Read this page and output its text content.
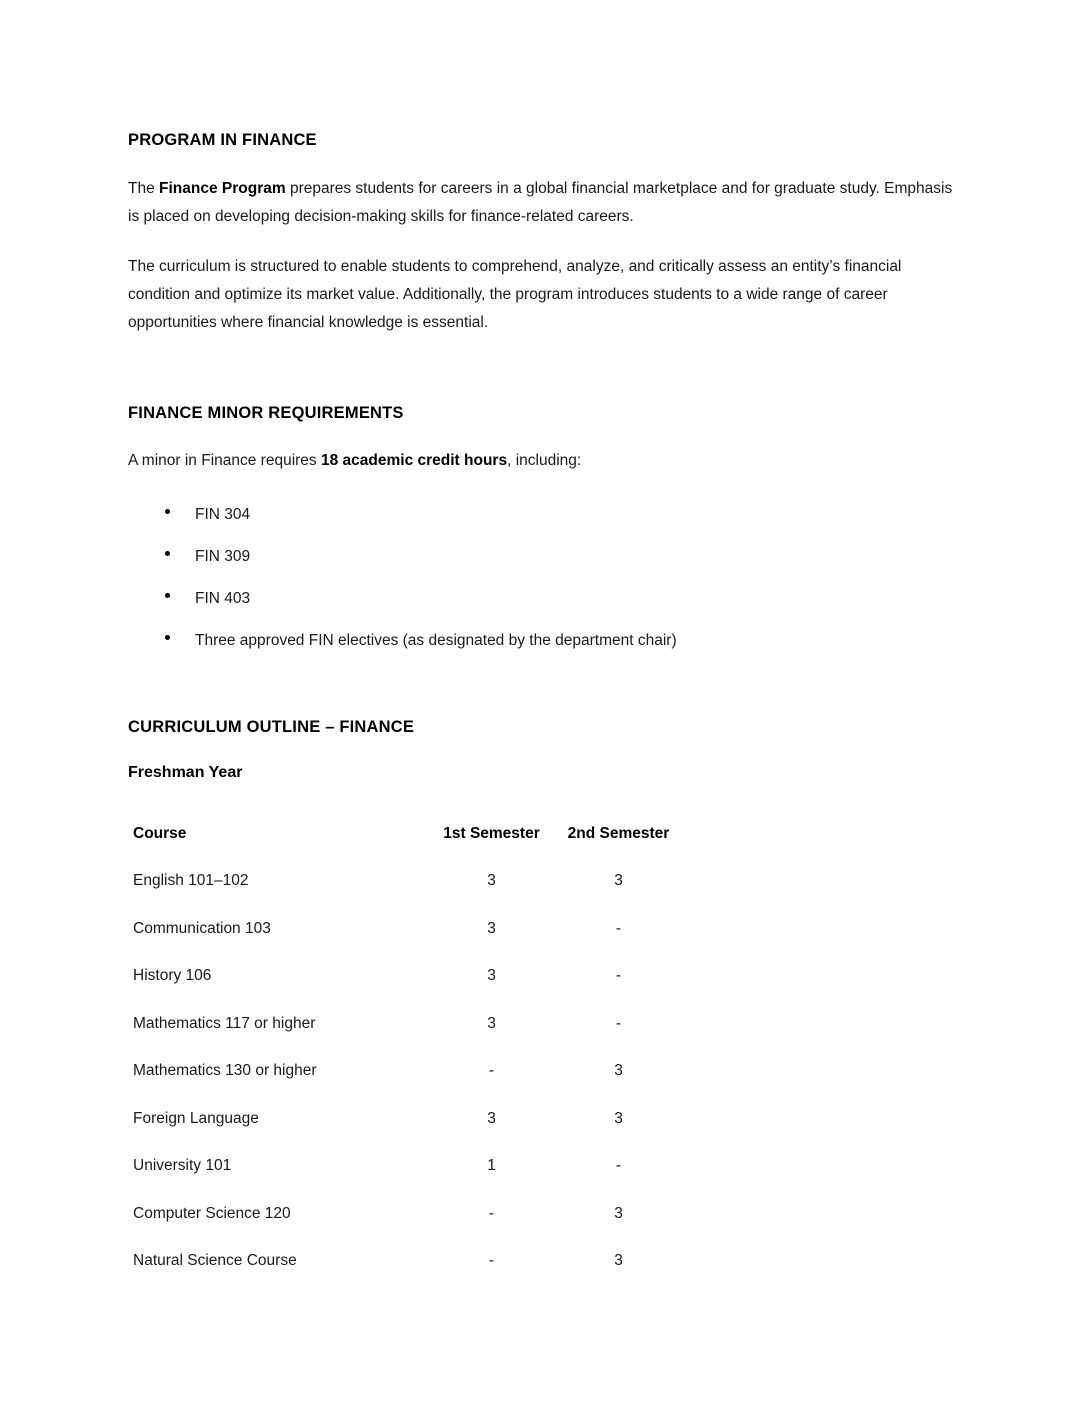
PROGRAM IN FINANCE

The Finance Program prepares students for careers in a global financial marketplace and for graduate study. Emphasis is placed on developing decision-making skills for finance-related careers.

The curriculum is structured to enable students to comprehend, analyze, and critically assess an entity’s financial condition and optimize its market value. Additionally, the program introduces students to a wide range of career opportunities where financial knowledge is essential.

FINANCE MINOR REQUIREMENTS

A minor in Finance requires 18 academic credit hours, including:

FIN 304
FIN 309
FIN 403
Three approved FIN electives (as designated by the department chair)
CURRICULUM OUTLINE – FINANCE
Freshman Year
Course	1st Semester	2nd Semester
English 101–102	3	3
Communication 103	3	-
History 106	3	-
Mathematics 117 or higher	3	-
Mathematics 130 or higher	-	3
Foreign Language	3	3
University 101	1	-
Computer Science 120	-	3
Natural Science Course	-	3
